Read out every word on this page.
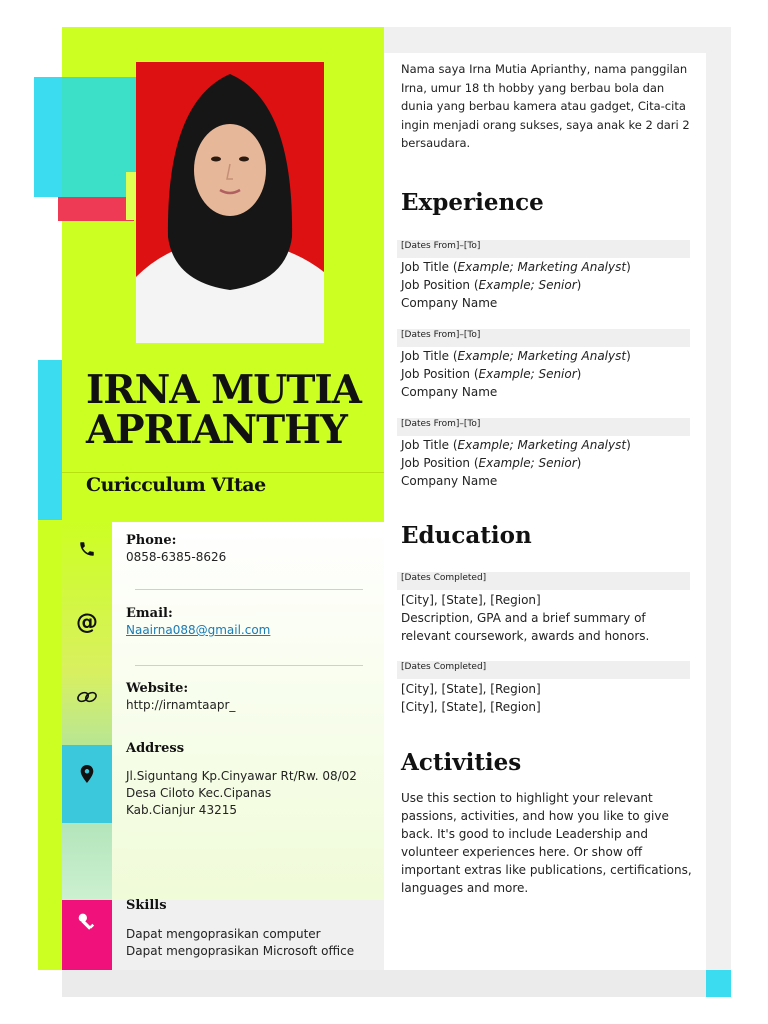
IRNA MUTIA
APRIANTHY
Curicculum VItae
@
Phone:
0858-6385-8626
Email:
Naairna088@gmail.com
Website:
http://irnamtaapr_
Address
Jl.Siguntang Kp.Cinyawar Rt/Rw. 08/02
Desa Ciloto Kec.Cipanas
Kab.Cianjur 43215
Skills
Dapat mengoprasikan computer
Dapat mengoprasikan Microsoft office
Nama saya Irna Mutia Aprianthy, nama panggilan Irna, umur 18 th hobby yang berbau bola dan dunia yang berbau kamera atau gadget, Cita-cita ingin menjadi orang sukses, saya anak ke 2 dari 2 bersaudara.
Experience
[Dates From]–[To]
Job Title (Example; Marketing Analyst)
Job Position (Example; Senior)
Company Name
[Dates From]–[To]
Job Title (Example; Marketing Analyst)
Job Position (Example; Senior)
Company Name
[Dates From]–[To]
Job Title (Example; Marketing Analyst)
Job Position (Example; Senior)
Company Name
Education
[Dates Completed]
[City], [State], [Region]
Description, GPA and a brief summary of relevant coursework, awards and honors.
[Dates Completed]
[City], [State], [Region]
[City], [State], [Region]
Activities
Use this section to highlight your relevant passions, activities, and how you like to give back. It's good to include Leadership and volunteer experiences here. Or show off important extras like publications, certifications, languages and more.
